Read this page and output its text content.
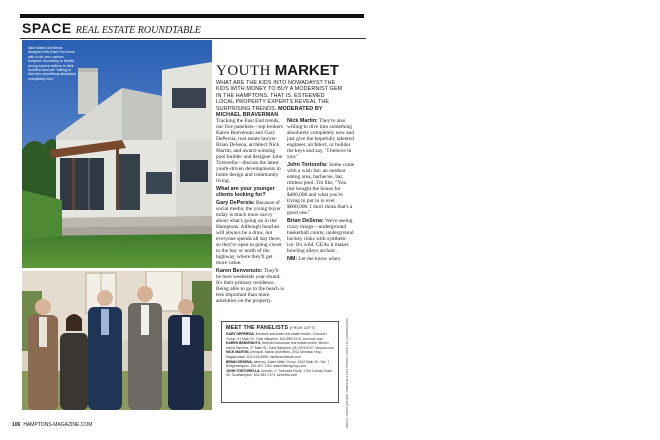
SPACE REAL ESTATE ROUNDTABLE
Nick Martin Architects designed this East End home with a net-zero carbon footprint. According to Martin, young buyers believe in their architect and are "willing to dive into something absolutely completely new."	YOUTH MARKET
WHAT ARE THE KIDS INTO NOWADAYS? THE KIDS WITH MONEY TO BUY A MODERNIST GEM IN THE HAMPTONS, THAT IS. ESTEEMED LOCAL PROPERTY EXPERTS REVEAL THE SURPRISING TRENDS. MODERATED BY MICHAEL BRAVERMAN

Tracking the East End trends, our five panelists—top brokers Karen Benvenuto and Gary DePersia, real estate lawyer Brian DeSena, architect Nick Martin, and award-winning pool builder and designer John Tortorella—discuss the latest youth-driven developments in home design and community living.

What are your younger clients looking for?

Gary DePersia: Because of social media, the young buyer today is much more savvy about what's going on in the Hamptons. Although beaches will always be a draw, not everyone spends all day there, so they're open to going closer to the bay or north of the highway, where they'll get more value.

Karen Benvenuto: They'll be here weekends year-round. It's their primary residence. Being able to go to the beach is less important than more amenities on the property.

Nick Martin: They're also willing to dive into something absolutely completely new and just give the hopefully talented engineer, architect, or builder the keys and say, "I believe in you."

John Tortorella: Some come with a wish list: an outdoor eating area, barbecue, bar, rimless pool. I'm like, "You just bought the house for $400,000 and what you're trying to put in is over $600,000. I don't think that's a good one."

Brian DeSena: We're seeing crazy things—underground basketball courts, underground hockey rinks with synthetic ice. It's wild. GEAs it makes bowling alleys archaic.

NM: Let me know when

MEET THE PANELISTS (FROM LEFT)
GARY DEPERSIA, licensed associate real estate broker, Corcoran Group, 51 Main St., East Hampton, 631-899-0215, corcoran.com
KAREN BENVENUTO, licensed associate real estate broker, Brown Harris Stevens, 27 Main St., East Hampton, 631-903-6107, bhsusa.com
NICK MARTIN, principal, Martin Architects, 2913 Montauk Hwy., Sagaponack, 631-613-6555, martinarchitects.com
BRIAN DESENA, attorney, Adam Miller Group, 2462 Main St., Ste. 7, Bridgehampton, 631-537-1115, adammillergroup.com
JOHN TORTORELLA, founder, J. Tortorella Pools, 1764 County Road 39, Southampton, 631-283-7373, tortorella.com	PHOTOGRAPHY BY (COLT HOUSE) PHILIP ROURKE; (GROUP) DOUG YOUNG
106 HAMPTONS-MAGAZINE.COM
